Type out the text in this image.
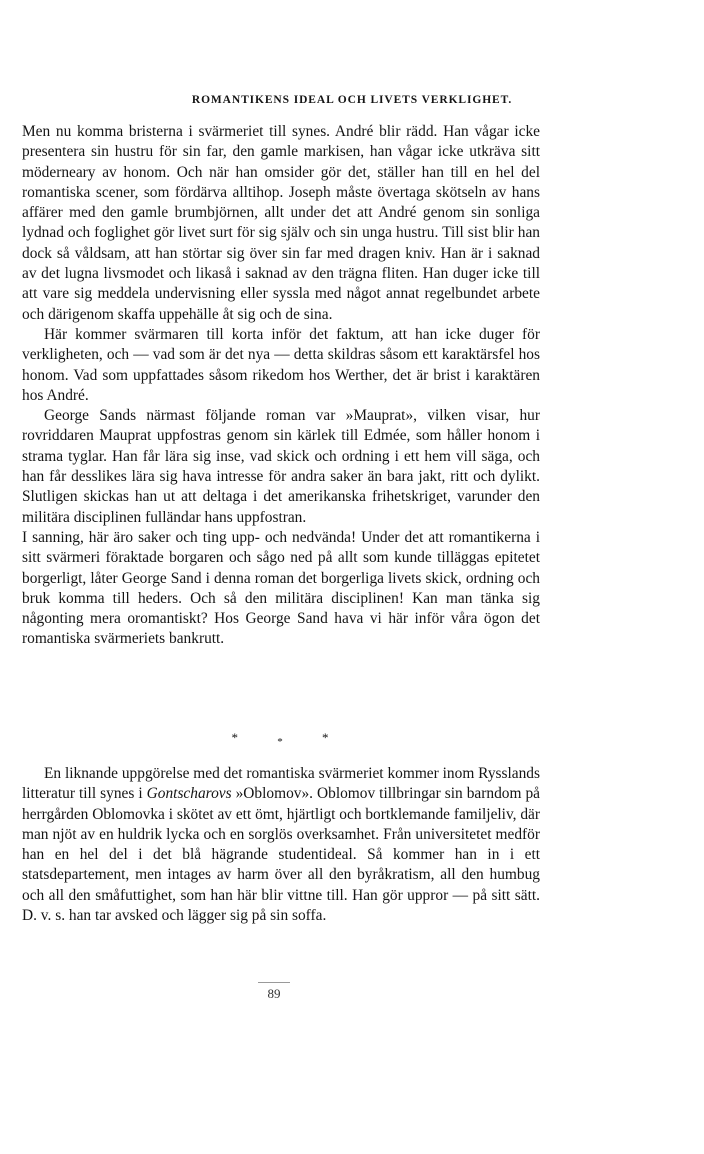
ROMANTIKENS IDEAL OCH LIVETS VERKLIGHET.

Men nu komma bristerna i svärmeriet till synes. André blir rädd. Han vågar icke presentera sin hustru för sin far, den gamle markisen, han vågar icke utkräva sitt möderneary av honom. Och när han omsider gör det, ställer han till en hel del romantiska scener, som fördärva alltihop. Joseph måste övertaga skötseln av hans affärer med den gamle brumbjörnen, allt under det att André genom sin sonliga lydnad och foglighet gör livet surt för sig själv och sin unga hustru. Till sist blir han dock så våldsam, att han störtar sig över sin far med dragen kniv. Han är i saknad av det lugna livsmodet och likaså i saknad av den trägna fliten. Han duger icke till att vare sig meddela undervisning eller syssla med något annat regelbundet arbete och därigenom skaffa uppehälle åt sig och de sina.

Här kommer svärmaren till korta inför det faktum, att han icke duger för verkligheten, och — vad som är det nya — detta skildras såsom ett karaktärsfel hos honom. Vad som uppfattades såsom rikedom hos Werther, det är brist i karaktären hos André.

George Sands närmast följande roman var »Mauprat», vilken visar, hur rovriddaren Mauprat uppfostras genom sin kärlek till Edmée, som håller honom i strama tyglar. Han får lära sig inse, vad skick och ordning i ett hem vill säga, och han får desslikes lära sig hava intresse för andra saker än bara jakt, ritt och dylikt. Slutligen skickas han ut att deltaga i det amerikanska frihetskriget, varunder den militära disciplinen fulländar hans uppfostran.

I sanning, här äro saker och ting upp- och nedvända! Under det att romantikerna i sitt svärmeri föraktade borgaren och sågo ned på allt som kunde tilläggas epitetet borgerligt, låter George Sand i denna roman det borgerliga livets skick, ordning och bruk komma till heders. Och så den militära disciplinen! Kan man tänka sig någonting mera oromantiskt? Hos George Sand hava vi här inför våra ögon det romantiska svärmeriets bankrutt.

*	*	*

En liknande uppgörelse med det romantiska svärmeriet kommer inom Rysslands litteratur till synes i Gontscharovs »Oblomov». Oblomov tillbringar sin barndom på herrgården Oblomovka i skötet av ett ömt, hjärtligt och bortklemande familjeliv, där man njöt av en huldrik lycka och en sorglös overksamhet. Från universitetet medför han en hel del i det blå hägrande studentideal. Så kommer han in i ett statsdepartement, men intages av harm över all den byråkratism, all den humbug och all den småfuttighet, som han här blir vittne till. Han gör uppror — på sitt sätt. D. v. s. han tar avsked och lägger sig på sin soffa.

89
